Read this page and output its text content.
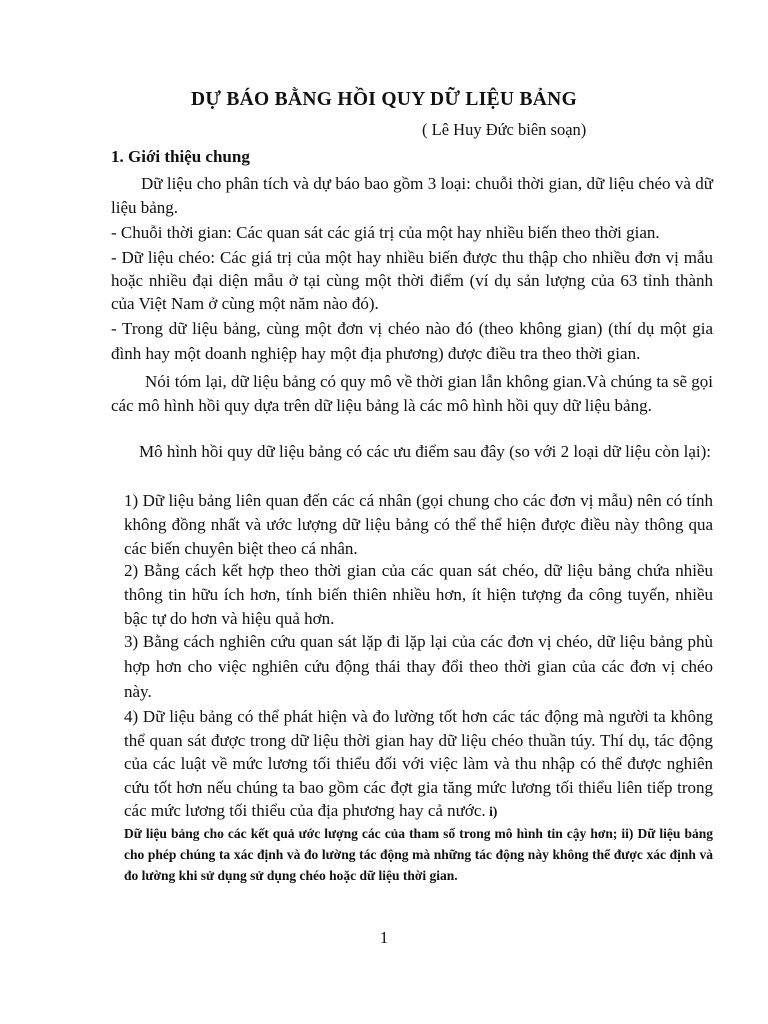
DỰ BÁO BẰNG HỒI QUY DỮ LIỆU BẢNG

( Lê Huy Đức biên soạn)

1. Giới thiệu chung

Dữ liệu cho phân tích và dự báo bao gồm 3 loại: chuỗi thời gian, dữ liệu chéo và dữ liệu bảng.

- Chuỗi thời gian: Các quan sát các giá trị của một hay nhiều biến theo thời gian.

- Dữ liệu chéo: Các giá trị của một hay nhiều biến được thu thập cho nhiều đơn vị mẫu hoặc nhiều đại diện mẫu ở tại cùng một thời điểm (ví dụ sản lượng của 63 tỉnh thành của Việt Nam ở cùng một năm nào đó).

- Trong dữ liệu bảng, cùng một đơn vị chéo nào đó (theo không gian) (thí dụ một gia đình hay một doanh nghiệp hay một địa phương) được điều tra theo thời gian.

Nói tóm lại, dữ liệu bảng có quy mô về thời gian lẫn không gian.Và chúng ta sẽ gọi các mô hình hồi quy dựa trên dữ liệu bảng là các mô hình hồi quy dữ liệu bảng.

Mô hình hồi quy dữ liệu bảng có các ưu điểm sau đây (so với 2 loại dữ liệu còn lại):

1) Dữ liệu bảng liên quan đến các cá nhân (gọi chung cho các đơn vị mẫu) nên có tính không đồng nhất và ước lượng dữ liệu bảng có thể thể hiện được điều này thông qua các biến chuyên biệt theo cá nhân.

2) Bằng cách kết hợp theo thời gian của các quan sát chéo, dữ liệu bảng chứa nhiều thông tin hữu ích hơn, tính biến thiên nhiều hơn, ít hiện tượng đa công tuyến, nhiều bậc tự do hơn và hiệu quả hơn.

3) Bằng cách nghiên cứu quan sát lặp đi lặp lại của các đơn vị chéo, dữ liệu bảng phù hợp hơn cho việc nghiên cứu động thái thay đổi theo thời gian của các đơn vị chéo này.

4) Dữ liệu bảng có thể phát hiện và đo lường tốt hơn các tác động mà người ta không thể quan sát được trong dữ liệu thời gian hay dữ liệu chéo thuần túy. Thí dụ, tác động của các luật về mức lương tối thiểu đối với việc làm và thu nhập có thể được nghiên cứu tốt hơn nếu chúng ta bao gồm các đợt gia tăng mức lương tối thiểu liên tiếp trong các mức lương tối thiểu của địa phương hay cả nước. i)

Dữ liệu bảng cho các kết quả ước lượng các của tham số trong mô hình tin cậy hơn; ii) Dữ liệu bảng cho phép chúng ta xác định và đo lường tác động mà những tác động này không thể được xác định và đo lường khi sử dụng sử dụng chéo hoặc dữ liệu thời gian.

1
